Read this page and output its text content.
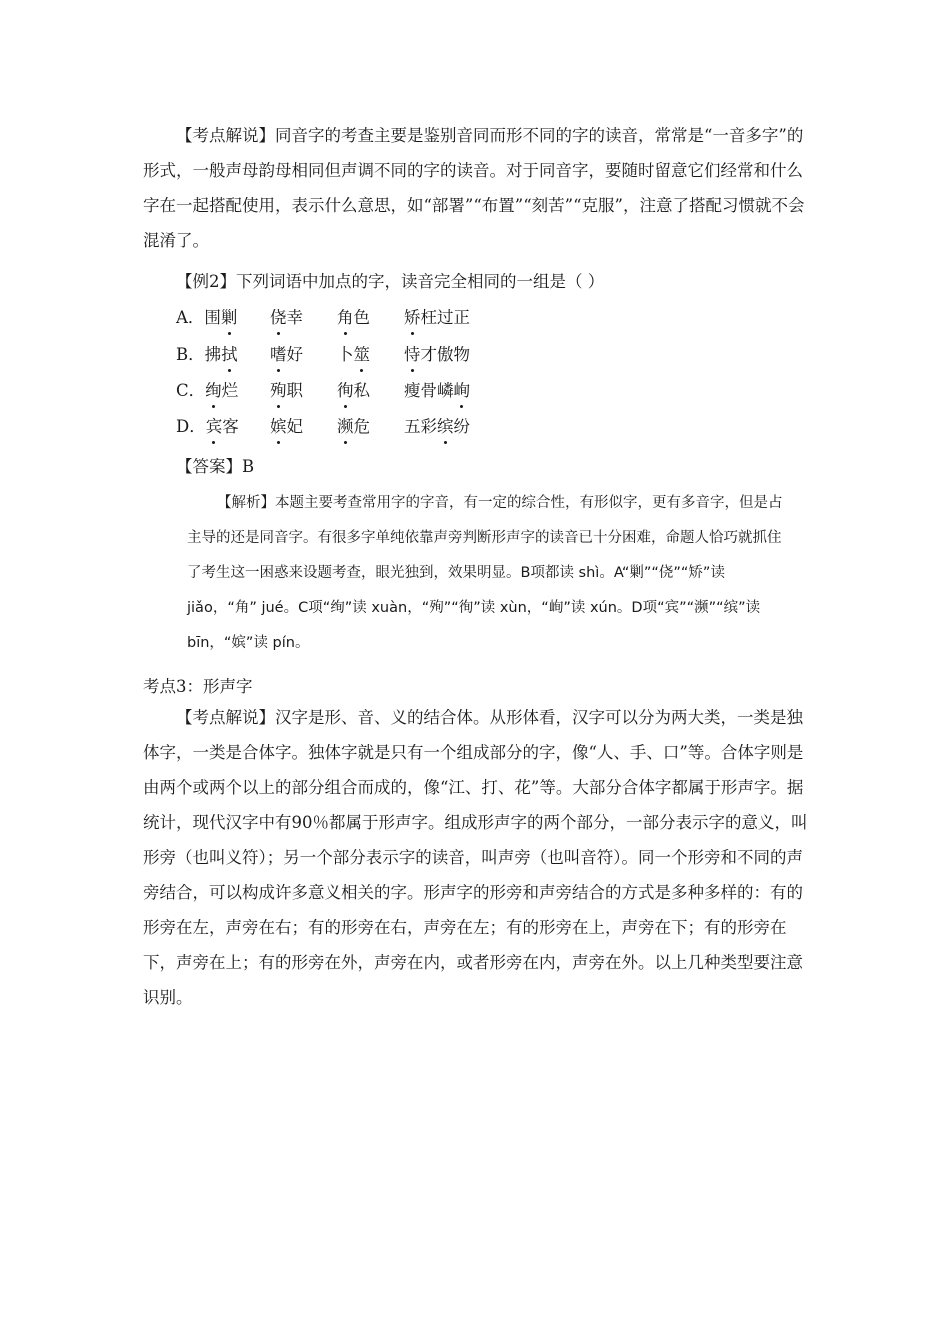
【考点解说】同音字的考查主要是鉴别音同而形不同的字的读音，常常是“一音多字”的形式，一般声母韵母相同但声调不同的字的读音。对于同音字，要随时留意它们经常和什么字在一起搭配使用，表示什么意思，如“部署”“布置”“刻苦”“克服”，注意了搭配习惯就不会混淆了。
【例2】下列词语中加点的字，读音完全相同的一组是（ ）
A．围剿 侥幸 角色 矫枉过正
B．拂拭 嗜好 卜筮 恃才傲物
C．绚烂 殉职 徇私 瘦骨嶙峋
D．宾客 嫔妃 濒危 五彩缤纷
【答案】B
【解析】本题主要考查常用字的字音，有一定的综合性，有形似字，更有多音字，但是占主导的还是同音字。有很多字单纯依靠声旁判断形声字的读音已十分困难，命题人恰巧就抓住了考生这一困惑来设题考查，眼光独到，效果明显。B项都读 shì。A“剿”“侥”“矫”读 jiǎo，“角” jué。C项“绚”读 xuàn，“殉”“徇”读 xùn，“峋”读 xún。D项“宾”“濒”“缤”读 bīn，“嫔”读 pín。
考点3：形声字
【考点解说】汉字是形、音、义的结合体。从形体看，汉字可以分为两大类，一类是独体字，一类是合体字。独体字就是只有一个组成部分的字，像“人、手、口”等。合体字则是由两个或两个以上的部分组合而成的，像“江、打、花”等。大部分合体字都属于形声字。据统计，现代汉字中有90％都属于形声字。组成形声字的两个部分，一部分表示字的意义，叫形旁（也叫义符）；另一个部分表示字的读音，叫声旁（也叫音符）。同一个形旁和不同的声旁结合，可以构成许多意义相关的字。形声字的形旁和声旁结合的方式是多种多样的：有的形旁在左，声旁在右；有的形旁在右，声旁在左；有的形旁在上，声旁在下；有的形旁在下，声旁在上；有的形旁在外，声旁在内，或者形旁在内，声旁在外。以上几种类型要注意识别。
